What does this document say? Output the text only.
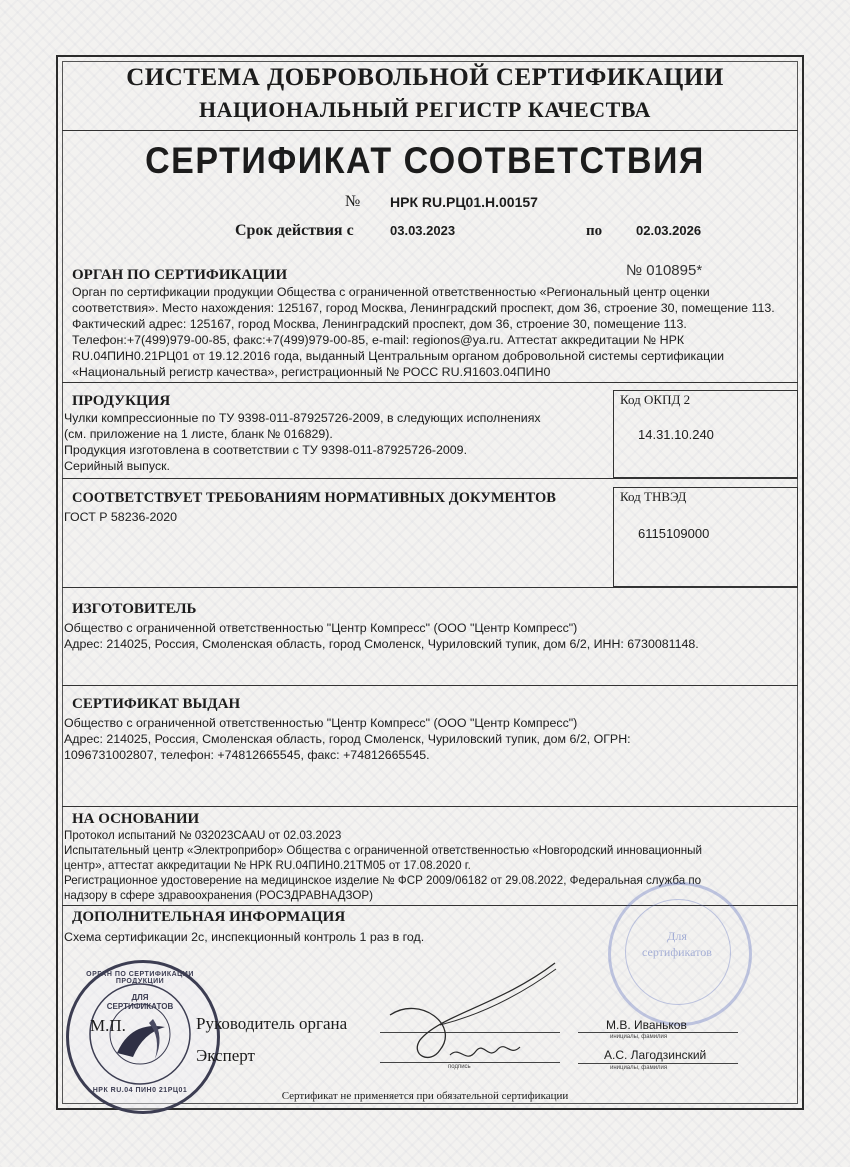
СИСТЕМА ДОБРОВОЛЬНОЙ СЕРТИФИКАЦИИ
НАЦИОНАЛЬНЫЙ РЕГИСТР КАЧЕСТВА
СЕРТИФИКАТ СООТВЕТСТВИЯ
№ НРК RU.РЦ01.Н.00157
Срок действия с	03.03.2023	по	02.03.2026
№ 010895*
ОРГАН ПО СЕРТИФИКАЦИИ
Орган по сертификации продукции Общества с ограниченной ответственностью «Региональный центр оценки
соответствия». Место нахождения: 125167, город Москва, Ленинградский проспект, дом 36, строение 30, помещение 113.
Фактический адрес: 125167, город Москва, Ленинградский проспект, дом 36, строение 30, помещение 113.
Телефон:+7(499)979-00-85, факс:+7(499)979-00-85, e-mail: regionos@ya.ru. Аттестат аккредитации № НРК
RU.04ПИН0.21РЦ01 от 19.12.2016 года, выданный Центральным органом добровольной системы сертификации
«Национальный регистр качества», регистрационный № РОСС RU.Я1603.04ПИН0
ПРОДУКЦИЯ
Чулки компрессионные по ТУ 9398-011-87925726-2009, в следующих исполнениях
(см. приложение на 1 листе, бланк № 016829).
Продукция изготовлена в соответствии с ТУ 9398-011-87925726-2009.
Серийный выпуск.
Код ОКПД 2
14.31.10.240
СООТВЕТСТВУЕТ ТРЕБОВАНИЯМ НОРМАТИВНЫХ ДОКУМЕНТОВ
ГОСТ Р 58236-2020
Код ТНВЭД
6115109000
ИЗГОТОВИТЕЛЬ
Общество с ограниченной ответственностью "Центр Компресс" (ООО "Центр Компресс")
Адрес: 214025, Россия, Смоленская область, город Смоленск, Чуриловский тупик, дом 6/2, ИНН: 6730081148.
СЕРТИФИКАТ ВЫДАН
Общество с ограниченной ответственностью "Центр Компресс" (ООО "Центр Компресс")
Адрес: 214025, Россия, Смоленская область, город Смоленск, Чуриловский тупик, дом 6/2, ОГРН:
1096731002807, телефон: +74812665545, факс: +74812665545.
НА ОСНОВАНИИ
Протокол испытаний № 032023СААU от 02.03.2023
Испытательный центр «Электроприбор» Общества с ограниченной ответственностью «Новгородский инновационный
центр», аттестат аккредитации № НРК RU.04ПИН0.21ТМ05 от 17.08.2020 г.
Регистрационное удостоверение на медицинское изделие № ФСР 2009/06182 от 29.08.2022, Федеральная служба по
надзору в сфере здравоохранения (РОСЗДРАВНАДЗОР)
ДОПОЛНИТЕЛЬНАЯ ИНФОРМАЦИЯ
Схема сертификации 2с, инспекционный контроль 1 раз в год.	Для
сертификатов
ОРГАН ПО СЕРТИФИКАЦИИ ПРОДУКЦИИ
ДЛЯ СЕРТИФИКАТОВ
НРК RU.04 ПИН0 21РЦ01
М.П.	Руководитель органа	М.В. Иваньков
инициалы, фамилия
Эксперт
подпись
А.С. Лагодзинский
инициалы, фамилия
Сертификат не применяется при обязательной сертификации
